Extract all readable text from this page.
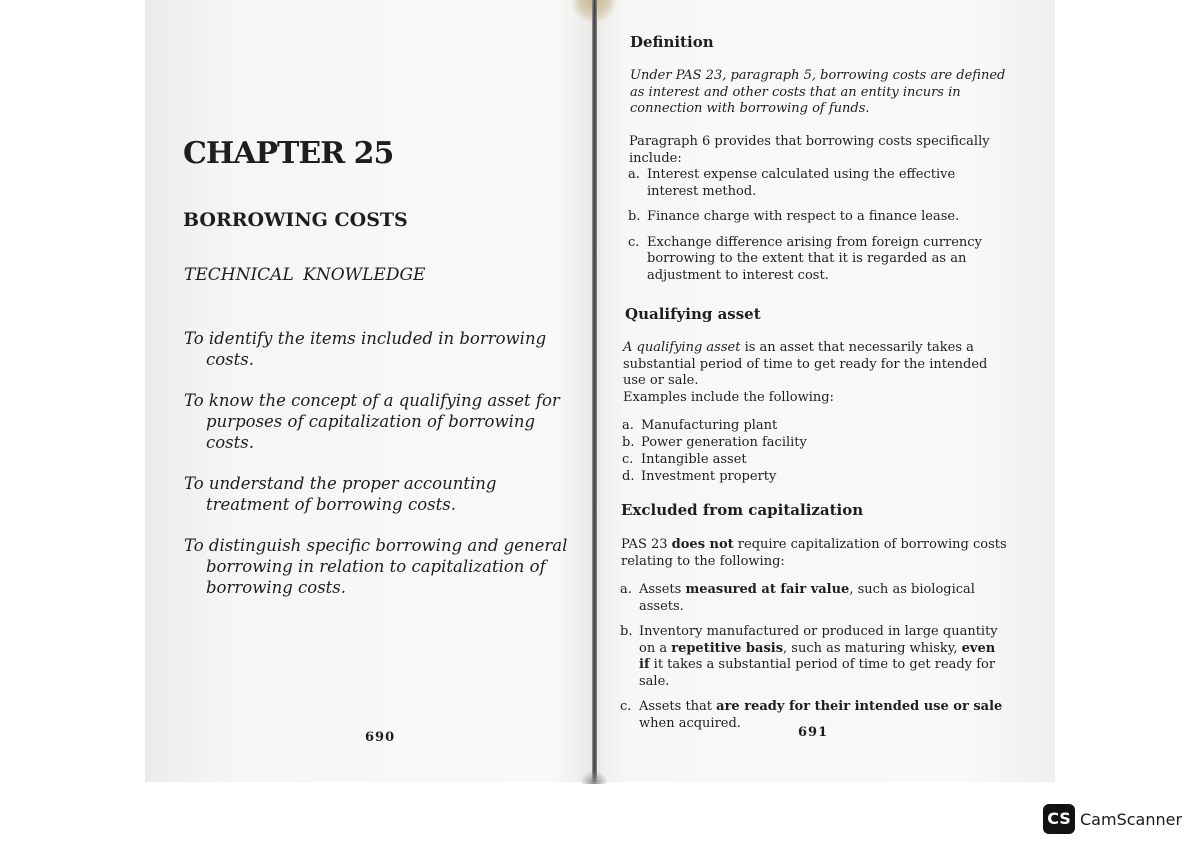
CHAPTER 25
BORROWING COSTS
TECHNICAL KNOWLEDGE
To identify the items included in borrowing costs.
To know the concept of a qualifying asset for purposes of capitalization of borrowing costs.
To understand the proper accounting treatment of borrowing costs.
To distinguish specific borrowing and general borrowing in relation to capitalization of borrowing costs.
690
Definition

Under PAS 23, paragraph 5, borrowing costs are defined as interest and other costs that an entity incurs in connection with borrowing of funds.

Paragraph 6 provides that borrowing costs specifically include:

a. Interest expense calculated using the effective interest method.
b. Finance charge with respect to a finance lease.
c. Exchange difference arising from foreign currency borrowing to the extent that it is regarded as an adjustment to interest cost.
Qualifying asset

A qualifying asset is an asset that necessarily takes a substantial period of time to get ready for the intended use or sale.

Examples include the following:

a. Manufacturing plant
b. Power generation facility
c. Intangible asset
d. Investment property
Excluded from capitalization

PAS 23 does not require capitalization of borrowing costs relating to the following:

a. Assets measured at fair value, such as biological assets.
b. Inventory manufactured or produced in large quantity on a repetitive basis, such as maturing whisky, even if it takes a substantial period of time to get ready for sale.
c. Assets that are ready for their intended use or sale when acquired.
691
CS CamScanner
